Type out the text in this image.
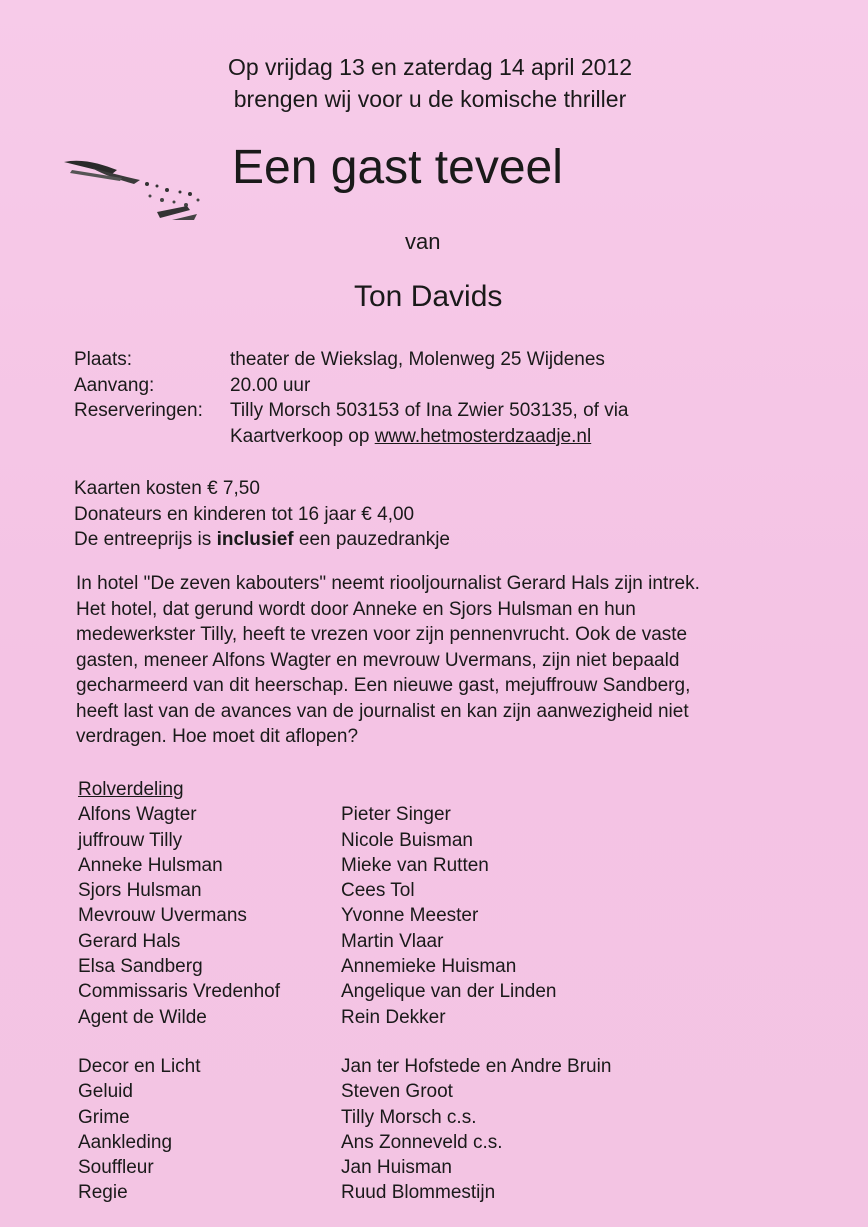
Op vrijdag 13 en zaterdag 14 april 2012
brengen wij voor u de komische thriller
Een gast teveel
van
Ton Davids
Plaats:	theater de Wiekslag, Molenweg 25 Wijdenes
Aanvang:	20.00 uur
Reserveringen:	Tilly Morsch 503153 of Ina Zwier 503135, of via
Kaartverkoop op www.hetmosterdzaadje.nl
Kaarten kosten € 7,50
Donateurs en kinderen tot 16 jaar € 4,00
De entreeprijs is inclusief een pauzedrankje
In hotel "De zeven kabouters" neemt riooljournalist Gerard Hals zijn intrek.
Het hotel, dat gerund wordt door Anneke en Sjors Hulsman en hun
medewerkster Tilly, heeft te vrezen voor zijn pennenvrucht. Ook de vaste
gasten, meneer Alfons Wagter en mevrouw Uvermans, zijn niet bepaald
gecharmeerd van dit heerschap. Een nieuwe gast, mejuffrouw Sandberg,
heeft last van de avances van de journalist en kan zijn aanwezigheid niet
verdragen. Hoe moet dit aflopen?
Rolverdeling
Alfons Wagter	Pieter Singer
juffrouw Tilly	Nicole Buisman
Anneke Hulsman	Mieke van Rutten
Sjors Hulsman	Cees Tol
Mevrouw Uvermans	Yvonne Meester
Gerard Hals	Martin Vlaar
Elsa Sandberg	Annemieke Huisman
Commissaris Vredenhof	Angelique van der Linden
Agent de Wilde	Rein Dekker
Decor en Licht	Jan ter Hofstede en Andre Bruin
Geluid	Steven Groot
Grime	Tilly Morsch c.s.
Aankleding	Ans Zonneveld c.s.
Souffleur	Jan Huisman
Regie	Ruud Blommestijn
